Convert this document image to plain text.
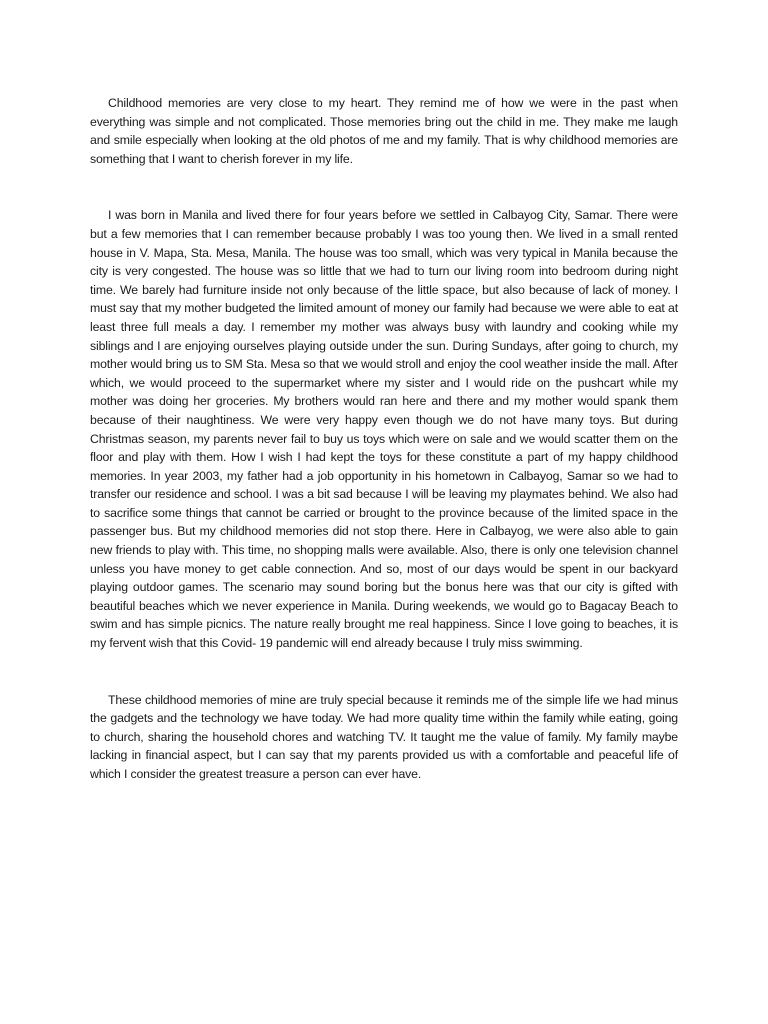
Childhood memories are very close to my heart. They remind me of how we were in the past when everything was simple and not complicated. Those memories bring out the child in me. They make me laugh and smile especially when looking at the old photos of me and my family. That is why childhood memories are something that I want to cherish forever in my life.

I was born in Manila and lived there for four years before we settled in Calbayog City, Samar. There were but a few memories that I can remember because probably I was too young then. We lived in a small rented house in V. Mapa, Sta. Mesa, Manila. The house was too small, which was very typical in Manila because the city is very congested. The house was so little that we had to turn our living room into bedroom during night time. We barely had furniture inside not only because of the little space, but also because of lack of money. I must say that my mother budgeted the limited amount of money our family had because we were able to eat at least three full meals a day. I remember my mother was always busy with laundry and cooking while my siblings and I are enjoying ourselves playing outside under the sun. During Sundays, after going to church, my mother would bring us to SM Sta. Mesa so that we would stroll and enjoy the cool weather inside the mall. After which, we would proceed to the supermarket where my sister and I would ride on the pushcart while my mother was doing her groceries. My brothers would ran here and there and my mother would spank them because of their naughtiness. We were very happy even though we do not have many toys. But during Christmas season, my parents never fail to buy us toys which were on sale and we would scatter them on the floor and play with them. How I wish I had kept the toys for these constitute a part of my happy childhood memories. In year 2003, my father had a job opportunity in his hometown in Calbayog, Samar so we had to transfer our residence and school. I was a bit sad because I will be leaving my playmates behind. We also had to sacrifice some things that cannot be carried or brought to the province because of the limited space in the passenger bus. But my childhood memories did not stop there. Here in Calbayog, we were also able to gain new friends to play with. This time, no shopping malls were available. Also, there is only one television channel unless you have money to get cable connection. And so, most of our days would be spent in our backyard playing outdoor games. The scenario may sound boring but the bonus here was that our city is gifted with beautiful beaches which we never experience in Manila. During weekends, we would go to Bagacay Beach to swim and has simple picnics. The nature really brought me real happiness. Since I love going to beaches, it is my fervent wish that this Covid- 19 pandemic will end already because I truly miss swimming.

These childhood memories of mine are truly special because it reminds me of the simple life we had minus the gadgets and the technology we have today. We had more quality time within the family while eating, going to church, sharing the household chores and watching TV. It taught me the value of family. My family maybe lacking in financial aspect, but I can say that my parents provided us with a comfortable and peaceful life of which I consider the greatest treasure a person can ever have.
